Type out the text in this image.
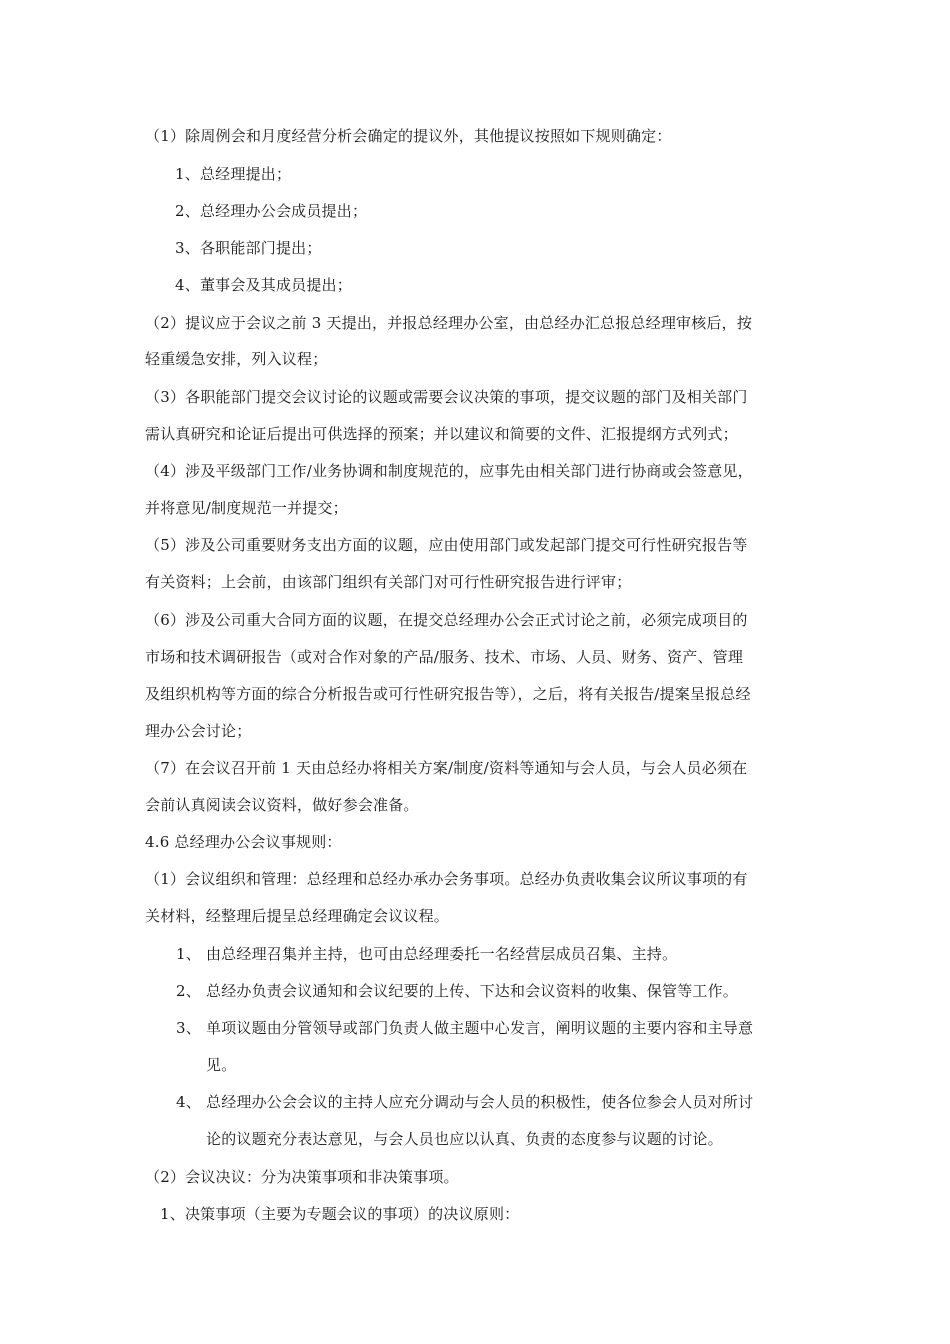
（1）除周例会和月度经营分析会确定的提议外，其他提议按照如下规则确定：
1、总经理提出；
2、总经理办公会成员提出；
3、各职能部门提出；
4、董事会及其成员提出；
（2）提议应于会议之前 3 天提出，并报总经理办公室，由总经办汇总报总经理审核后，按
轻重缓急安排，列入议程；
（3）各职能部门提交会议讨论的议题或需要会议决策的事项，提交议题的部门及相关部门
需认真研究和论证后提出可供选择的预案；并以建议和简要的文件、汇报提纲方式列式；
（4）涉及平级部门工作/业务协调和制度规范的，应事先由相关部门进行协商或会签意见，
并将意见/制度规范一并提交；
（5）涉及公司重要财务支出方面的议题，应由使用部门或发起部门提交可行性研究报告等
有关资料；上会前，由该部门组织有关部门对可行性研究报告进行评审；
（6）涉及公司重大合同方面的议题，在提交总经理办公会正式讨论之前，必须完成项目的
市场和技术调研报告（或对合作对象的产品/服务、技术、市场、人员、财务、资产、管理
及组织机构等方面的综合分析报告或可行性研究报告等），之后，将有关报告/提案呈报总经
理办公会讨论；
（7）在会议召开前 1 天由总经办将相关方案/制度/资料等通知与会人员，与会人员必须在
会前认真阅读会议资料，做好参会准备。
4.6 总经理办公会议事规则：
（1）会议组织和管理：总经理和总经办承办会务事项。总经办负责收集会议所议事项的有
关材料，经整理后提呈总经理确定会议议程。
1、 由总经理召集并主持，也可由总经理委托一名经营层成员召集、主持。
2、 总经办负责会议通知和会议纪要的上传、下达和会议资料的收集、保管等工作。
3、 单项议题由分管领导或部门负责人做主题中心发言，阐明议题的主要内容和主导意
见。
4、 总经理办公会会议的主持人应充分调动与会人员的积极性，使各位参会人员对所讨
论的议题充分表达意见，与会人员也应以认真、负责的态度参与议题的讨论。
（2）会议决议：分为决策事项和非决策事项。
1、决策事项（主要为专题会议的事项）的决议原则：
